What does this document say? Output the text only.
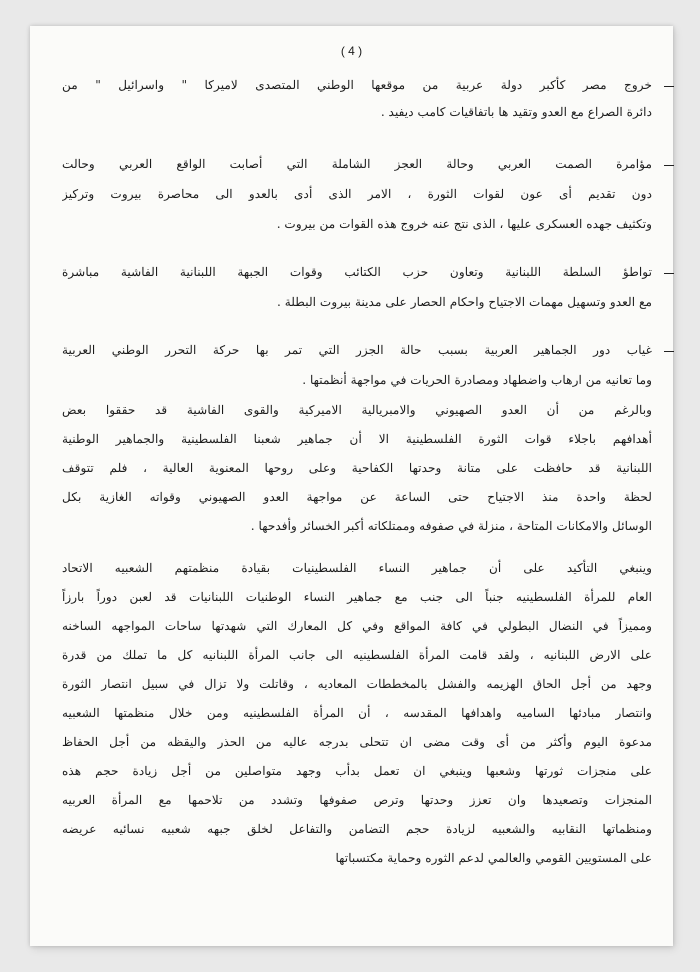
( 4 )
خروج مصر كأكبر دولة عربية من موقعها الوطني المتصدى لاميركا " واسرائيل " من
دائرة الصراع مع العدو وتقيد ها باتفاقيات كامب ديفيد .
مؤامرة الصمت العربي وحالة العجز الشاملة التي أصابت الواقع العربي وحالت
دون تقديم أى عون لقوات الثورة ، الامر الذى أدى بالعدو الى محاصرة بيروت وتركيز
وتكثيف جهده العسكرى عليها ، الذى نتج عنه خروج هذه القوات من بيروت .
تواطؤ السلطة اللبنانية وتعاون حزب الكتائب وقوات الجبهة اللبنانية الفاشية مباشرة
مع العدو وتسهيل مهمات الاجتياح واحكام الحصار على مدينة بيروت البطلة .
غياب دور الجماهير العربية بسبب حالة الجزر التي تمر بها حركة التحرر الوطني العربية
وما تعانيه من ارهاب واضطهاد ومصادرة الحريات في مواجهة أنظمتها .
وبالرغم من أن العدو الصهيوني والامبريالية الاميركية والقوى الفاشية قد حققوا بعض
أهدافهم باجلاء قوات الثورة الفلسطينية الا أن جماهير شعبنا الفلسطينية والجماهير الوطنية
اللبنانية قد حافظت على متانة وحدتها الكفاحية وعلى روحها المعنوية العالية ، فلم تتوقف
لحظة واحدة منذ الاجتياح حتى الساعة عن مواجهة العدو الصهيوني وقواته الغازية بكل
الوسائل والامكانات المتاحة ، منزلة في صفوفه وممتلكاته أكبر الخسائر وأفدحها .
وينبغي التأكيد على أن جماهير النساء الفلسطينيات بقيادة منظمتهم الشعبيه الاتحاد
العام للمرأة الفلسطينيه جنباً الى جنب مع جماهير النساء الوطنيات اللبنانيات قد لعبن دوراً بارزاً
ومميزاً في النضال البطولي في كافة المواقع وفي كل المعارك التي شهدتها ساحات المواجهه الساخنه
على الارض اللبنانيه ، ولقد قامت المرأة الفلسطينيه الى جانب المرأة اللبنانيه كل ما تملك من قدرة
وجهد من أجل الحاق الهزيمه والفشل بالمخططات المعاديه ، وقاتلت ولا تزال في سبيل انتصار الثورة
وانتصار مبادئها الساميه واهدافها المقدسه ، أن المرأة الفلسطينيه ومن خلال منظمتها الشعبيه
مدعوة اليوم وأكثر من أى وقت مضى ان تتحلى بدرجه عاليه من الحذر واليقظه من أجل الحفاظ
على منجزات ثورتها وشعبها وينبغي ان تعمل بدأب وجهد متواصلين من أجل زيادة حجم هذه
المنجزات وتصعيدها وان تعزز وحدتها وترص صفوفها وتشدد من تلاحمها مع المرأة العربيه
ومنظماتها النقابيه والشعبيه لزيادة حجم التضامن والتفاعل لخلق جبهه شعبيه نسائيه عريضه
على المستويين القومي والعالمي لدعم الثوره وحماية مكتسباتها
